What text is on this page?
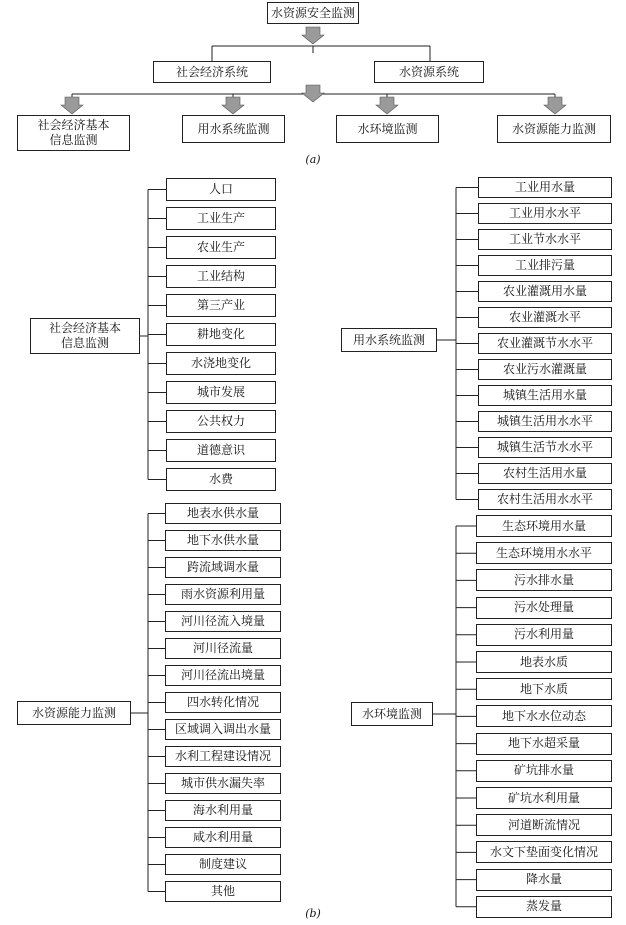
水资源安全监测
社会经济系统	水资源系统
社会经济基本
信息监测
用水系统监测	水环境监测	水资源能力监测
(a)
社会经济基本
信息监测	用水系统监测
水资源能力监测	水环境监测
人口
工业生产
农业生产
工业结构
第三产业
耕地变化
水浇地变化
城市发展
公共权力
道德意识
水费
工业用水量
工业用水水平
工业节水水平
工业排污量
农业灌溉用水量
农业灌溉水平
农业灌溉节水水平
农业污水灌溉量
城镇生活用水量
城镇生活用水水平
城镇生活节水水平
农村生活用水量
农村生活用水水平
地表水供水量
地下水供水量
跨流域调水量
雨水资源利用量
河川径流入境量
河川径流量
河川径流出境量
四水转化情况
区域调入调出水量
水利工程建设情况
城市供水漏失率
海水利用量
咸水利用量
制度建议
其他
生态环境用水量
生态环境用水水平
污水排水量
污水处理量
污水利用量
地表水质
地下水质
地下水水位动态
地下水超采量
矿坑排水量
矿坑水利用量
河道断流情况
水文下垫面变化情况
降水量
蒸发量
(b)
